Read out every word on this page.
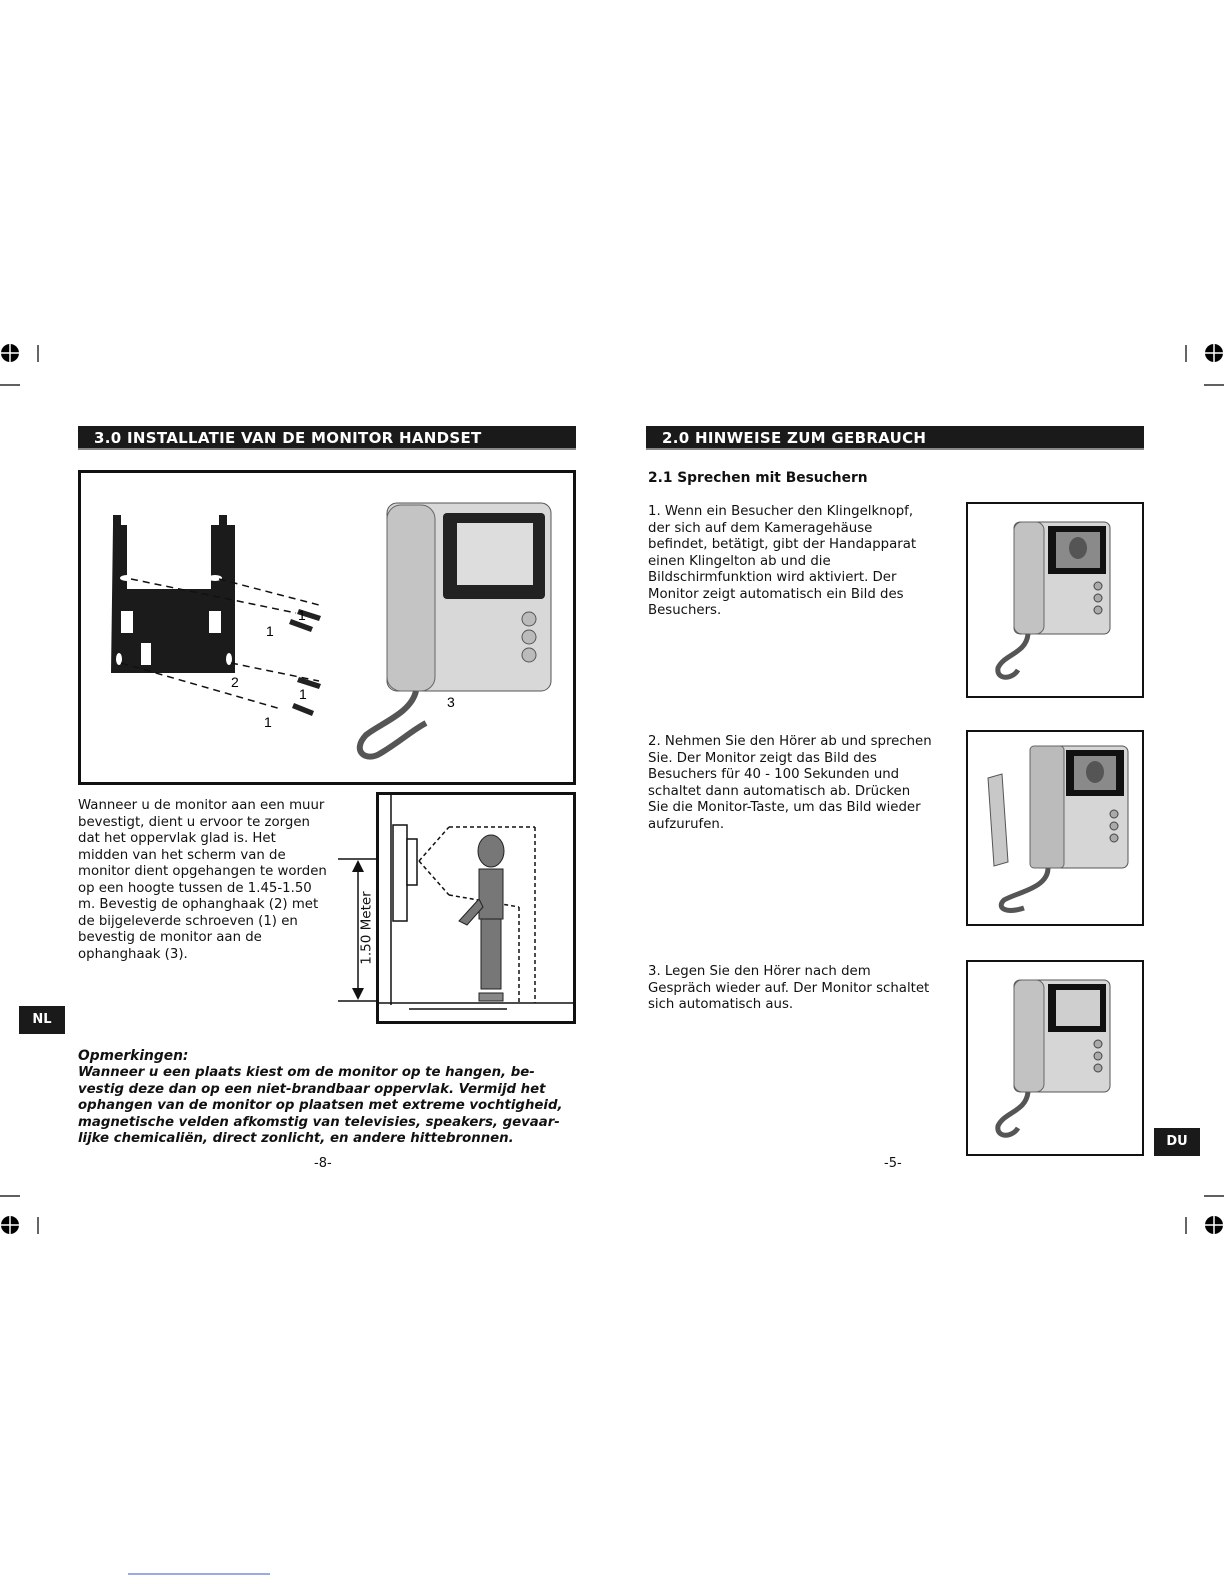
3.0 INSTALLATIE VAN DE MONITOR HANDSET
1
1
1
1
2
3
Wanneer u de monitor aan een muur
bevestigt, dient u ervoor te zorgen
dat het oppervlak glad is. Het
midden van het scherm van de
monitor dient opgehangen te worden
op een hoogte tussen de 1.45-1.50
m. Bevestig de ophanghaak (2) met
de bijgeleverde schroeven (1) en
bevestig de monitor aan de
ophanghaak (3).	1.50 Meter
NL
Opmerkingen:
Wanneer u een plaats kiest om de monitor op te hangen, be-
vestig deze dan op een niet-brandbaar oppervlak. Vermijd het
ophangen van de monitor op plaatsen met extreme vochtigheid,
magnetische velden afkomstig van televisies, speakers, gevaar-
lijke chemicaliën, direct zonlicht, en andere hittebronnen.
-8-
2.0 HINWEISE ZUM GEBRAUCH
2.1 Sprechen mit Besuchern
1. Wenn ein Besucher den Klingelknopf,
der sich auf dem Kameragehäuse
befindet, betätigt, gibt der Handapparat
einen Klingelton ab und die
Bildschirmfunktion wird aktiviert. Der
Monitor zeigt automatisch ein Bild des
Besuchers.
2. Nehmen Sie den Hörer ab und sprechen
Sie. Der Monitor zeigt das Bild des
Besuchers für 40 - 100 Sekunden und
schaltet dann automatisch ab. Drücken
Sie die Monitor-Taste, um das Bild wieder
aufzurufen.
3. Legen Sie den Hörer nach dem
Gespräch wieder auf. Der Monitor schaltet
sich automatisch aus.
DU
-5-
